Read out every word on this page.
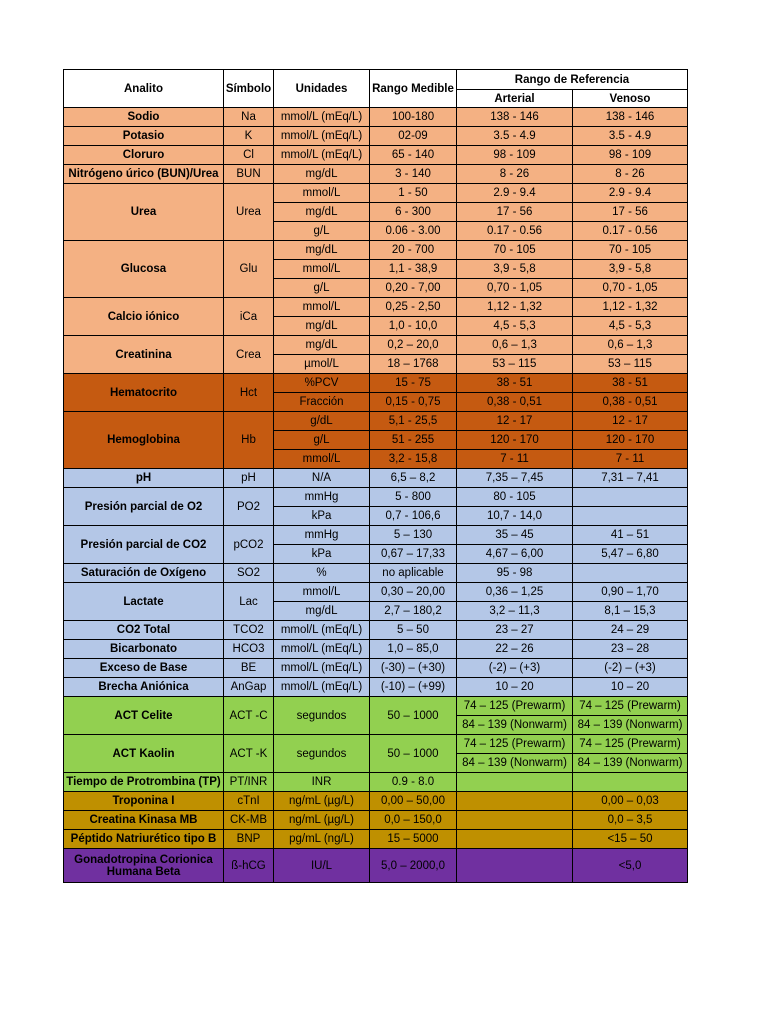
Analito	Símbolo	Unidades	Rango Medible	Rango de Referencia	
				Arterial	Venoso
Sodio	Na	mmol/L (mEq/L)	100-180	138 - 146	138 - 146
Potasio	K	mmol/L (mEq/L)	02-09	3.5 - 4.9	3.5 - 4.9
Cloruro	Cl	mmol/L (mEq/L)	65 - 140	98 - 109	98 - 109
Nitrógeno úrico (BUN)/Urea	BUN	mg/dL	3 - 140	8 - 26	8 - 26
Urea	Urea	mmol/L	1 - 50	2.9 - 9.4	2.9 - 9.4
		mg/dL	6 - 300	17 - 56	17 - 56
		g/L	0.06 - 3.00	0.17 - 0.56	0.17 - 0.56
Glucosa	Glu	mg/dL	20 - 700	70 - 105	70 - 105
		mmol/L	1,1 - 38,9	3,9 - 5,8	3,9 - 5,8
		g/L	0,20 - 7,00	0,70 - 1,05	0,70 - 1,05
Calcio iónico	iCa	mmol/L	0,25 - 2,50	1,12 - 1,32	1,12 - 1,32
		mg/dL	1,0 - 10,0	4,5 - 5,3	4,5 - 5,3
Creatinina	Crea	mg/dL	0,2 – 20,0	0,6 – 1,3	0,6 – 1,3
		µmol/L	18 – 1768	53 – 115	53 – 115
Hematocrito	Hct	%PCV	15 - 75	38 - 51	38 - 51
		Fracción	0,15 - 0,75	0,38 - 0,51	0,38 - 0,51
Hemoglobina	Hb	g/dL	5,1 - 25,5	12 - 17	12 - 17
		g/L	51 - 255	120 - 170	120 - 170
		mmol/L	3,2 - 15,8	7 - 11	7 - 11
pH	pH	N/A	6,5 – 8,2	7,35 – 7,45	7,31 – 7,41
Presión parcial de O2	PO2	mmHg	5 - 800	80 - 105	
		kPa	0,7 - 106,6	10,7 - 14,0	
Presión parcial de CO2	pCO2	mmHg	5 – 130	35 – 45	41 – 51
		kPa	0,67 – 17,33	4,67 – 6,00	5,47 – 6,80
Saturación de Oxígeno	SO2	%	no aplicable	95 - 98	
Lactate	Lac	mmol/L	0,30 – 20,00	0,36 – 1,25	0,90 – 1,70
		mg/dL	2,7 – 180,2	3,2 – 11,3	8,1 – 15,3
CO2 Total	TCO2	mmol/L (mEq/L)	5 – 50	23 – 27	24 – 29
Bicarbonato	HCO3	mmol/L (mEq/L)	1,0 – 85,0	22 – 26	23 – 28
Exceso de Base	BE	mmol/L (mEq/L)	(-30) – (+30)	(-2) – (+3)	(-2) – (+3)
Brecha Aniónica	AnGap	mmol/L (mEq/L)	(-10) – (+99)	10 – 20	10 – 20
ACT Celite	ACT -C	segundos	50 – 1000	74 – 125 (Prewarm)	74 – 125 (Prewarm)
				84 – 139 (Nonwarm)	84 – 139 (Nonwarm)
ACT Kaolin	ACT -K	segundos	50 – 1000	74 – 125 (Prewarm)	74 – 125 (Prewarm)
				84 – 139 (Nonwarm)	84 – 139 (Nonwarm)
Tiempo de Protrombina (TP)	PT/INR	INR	0.9 - 8.0		
Troponina I	cTnI	ng/mL (µg/L)	0,00 – 50,00		0,00 – 0,03
Creatina Kinasa MB	CK-MB	ng/mL (µg/L)	0,0 – 150,0		0,0 – 3,5
Péptido Natriurético tipo B	BNP	pg/mL (ng/L)	15 – 5000		<15 – 50
Gonadotropina Corionica Humana Beta	ß-hCG	IU/L	5,0 – 2000,0		<5,0
